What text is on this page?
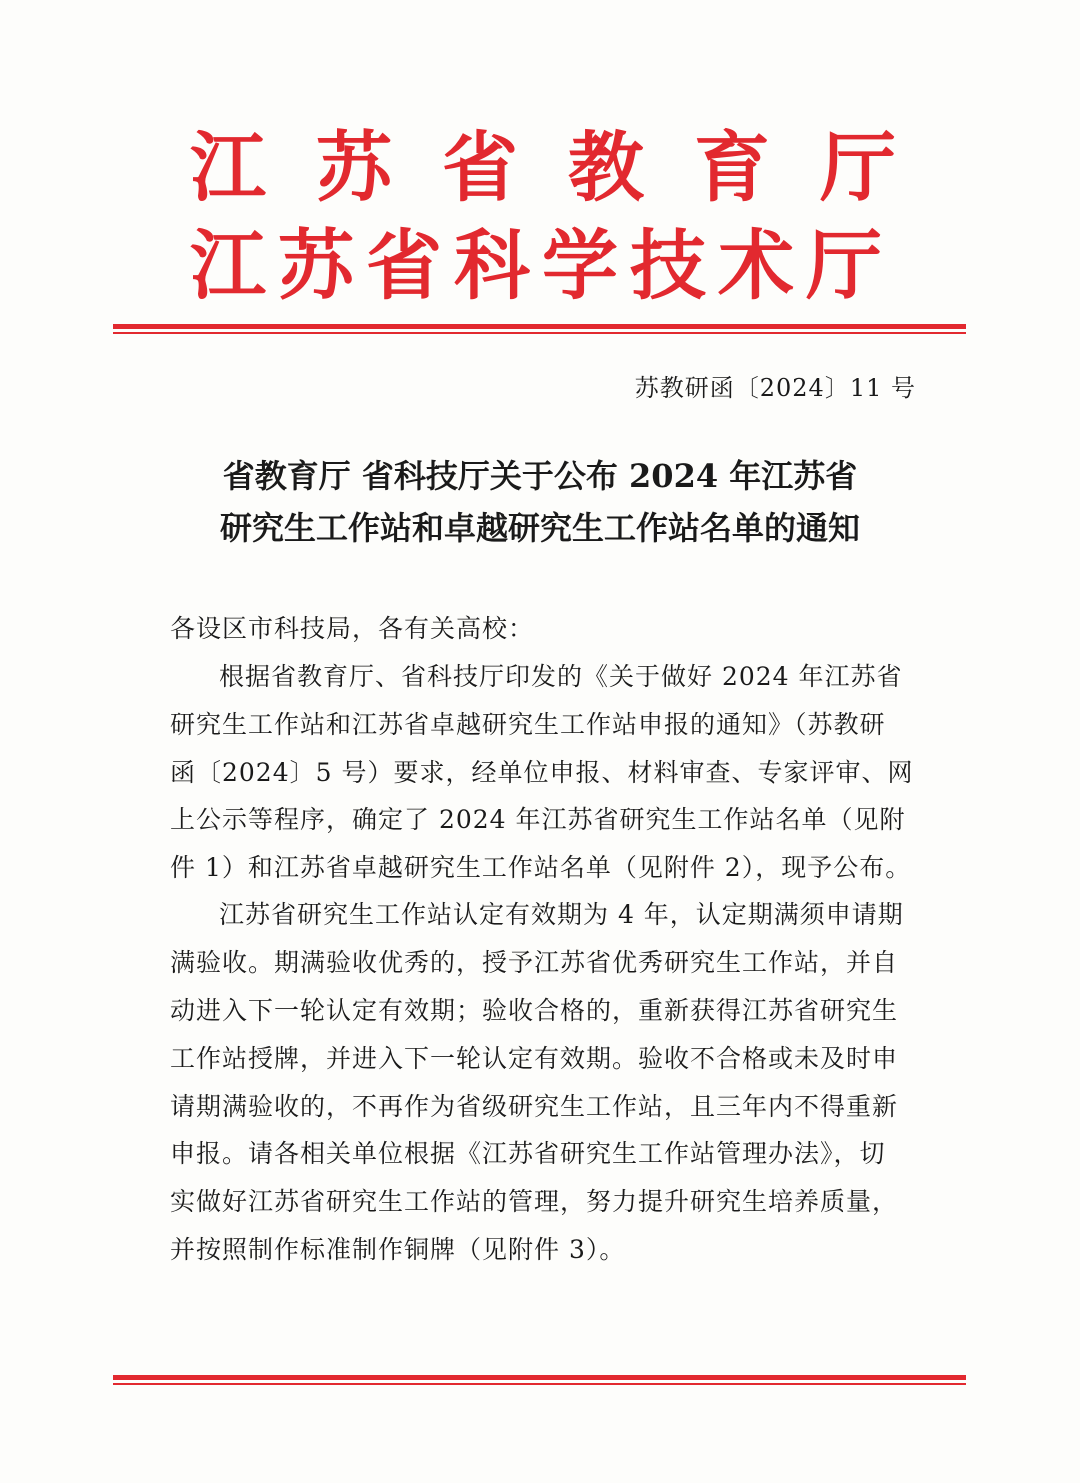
江苏省教育厅
江苏省科学技术厅
苏教研函〔2024〕11 号
省教育厅 省科技厅关于公布 2024 年江苏省
研究生工作站和卓越研究生工作站名单的通知
各设区市科技局，各有关高校：
根据省教育厅、省科技厅印发的《关于做好 2024 年江苏省
研究生工作站和江苏省卓越研究生工作站申报的通知》（苏教研
函〔2024〕5 号）要求，经单位申报、材料审查、专家评审、网
上公示等程序，确定了 2024 年江苏省研究生工作站名单（见附
件 1）和江苏省卓越研究生工作站名单（见附件 2），现予公布。
江苏省研究生工作站认定有效期为 4 年，认定期满须申请期
满验收。期满验收优秀的，授予江苏省优秀研究生工作站，并自
动进入下一轮认定有效期；验收合格的，重新获得江苏省研究生
工作站授牌，并进入下一轮认定有效期。验收不合格或未及时申
请期满验收的，不再作为省级研究生工作站，且三年内不得重新
申报。请各相关单位根据《江苏省研究生工作站管理办法》，切
实做好江苏省研究生工作站的管理，努力提升研究生培养质量，
并按照制作标准制作铜牌（见附件 3）。
